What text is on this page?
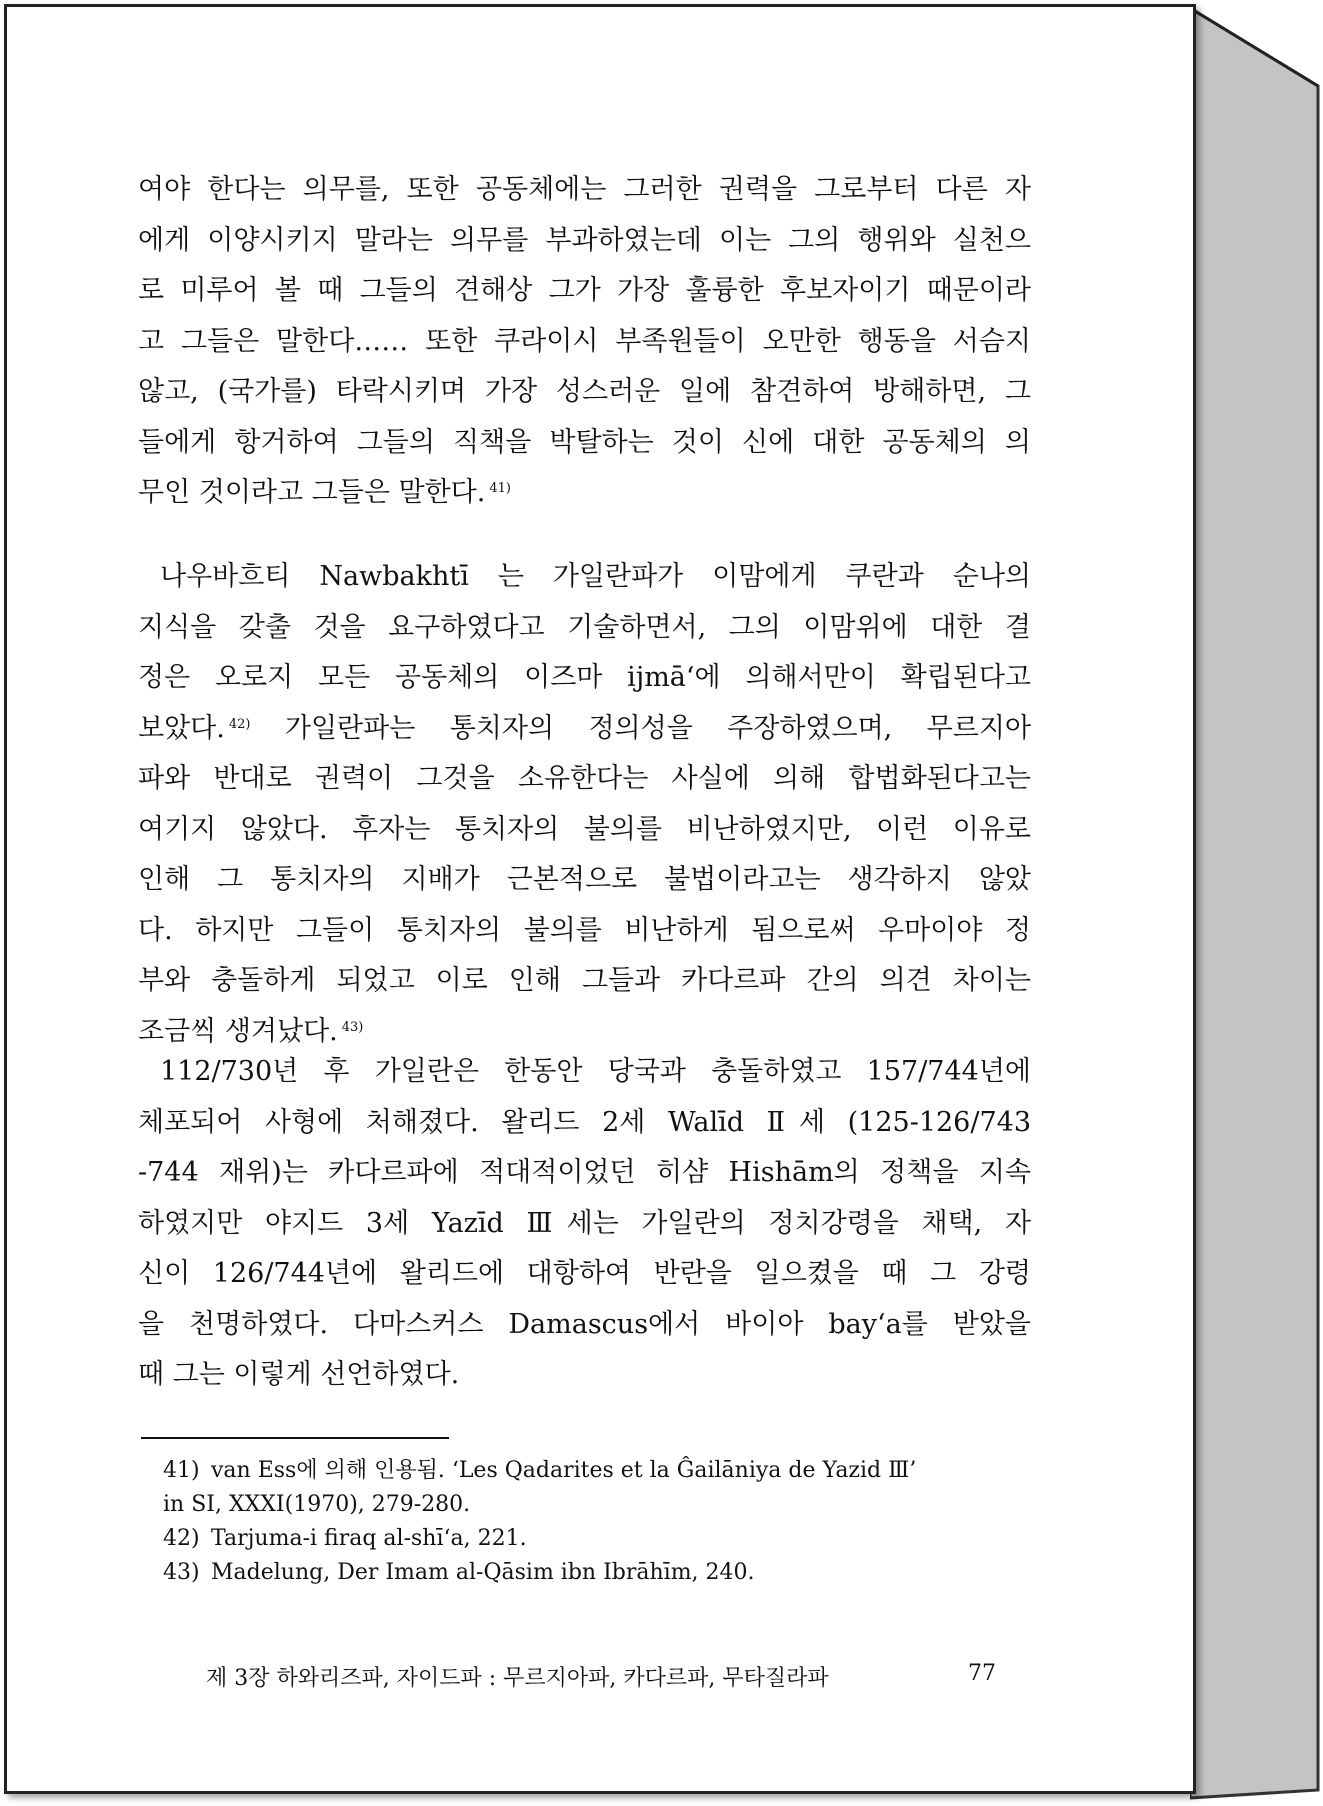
여야 한다는 의무를, 또한 공동체에는 그러한 권력을 그로부터 다른 자
에게 이양시키지 말라는 의무를 부과하였는데 이는 그의 행위와 실천으
로 미루어 볼 때 그들의 견해상 그가 가장 훌륭한 후보자이기 때문이라
고 그들은 말한다…… 또한 쿠라이시 부족원들이 오만한 행동을 서슴지
않고, (국가를) 타락시키며 가장 성스러운 일에 참견하여 방해하면, 그
들에게 항거하여 그들의 직책을 박탈하는 것이 신에 대한 공동체의 의
무인 것이라고 그들은 말한다. $^{41)}$
나우바흐티 Nawbakhtī 는 가일란파가 이맘에게 쿠란과 순나의
지식을 갖출 것을 요구하였다고 기술하면서, 그의 이맘위에 대한 결
정은 오로지 모든 공동체의 이즈마 ijmā‘에 의해서만이 확립된다고
보았다. $^{42)}$ 가일란파는 통치자의 정의성을 주장하였으며, 무르지아
파와 반대로 권력이 그것을 소유한다는 사실에 의해 합법화된다고는
여기지 않았다. 후자는 통치자의 불의를 비난하였지만, 이런 이유로
인해 그 통치자의 지배가 근본적으로 불법이라고는 생각하지 않았
다. 하지만 그들이 통치자의 불의를 비난하게 됨으로써 우마이야 정
부와 충돌하게 되었고 이로 인해 그들과 카다르파 간의 의견 차이는
조금씩 생겨났다. $^{43)}$
112/730년 후 가일란은 한동안 당국과 충돌하였고 157/744년에
체포되어 사형에 처해졌다. 왈리드 2세 Walīd Ⅱ세 (125-126/743
-744 재위)는 카다르파에 적대적이었던 히샴 Hishām의 정책을 지속
하였지만 야지드 3세 Yazīd Ⅲ세는 가일란의 정치강령을 채택, 자
신이 126/744년에 왈리드에 대항하여 반란을 일으켰을 때 그 강령
을 천명하였다. 다마스커스 Damascus에서 바이아 bay‘a를 받았을
때 그는 이렇게 선언하였다.
41) van Ess에 의해 인용됨. ‘Les Qadarites et la Ĝailāniya de Yazid Ⅲ’
in SI, XXXI(1970), 279-280.
42) Tarjuma-i firaq al-shī‘a, 221.
43) Madelung, Der Imam al-Qāsim ibn Ibrāhīm, 240.
제 3장 하와리즈파, 자이드파 : 무르지아파, 카다르파, 무타질라파	77
